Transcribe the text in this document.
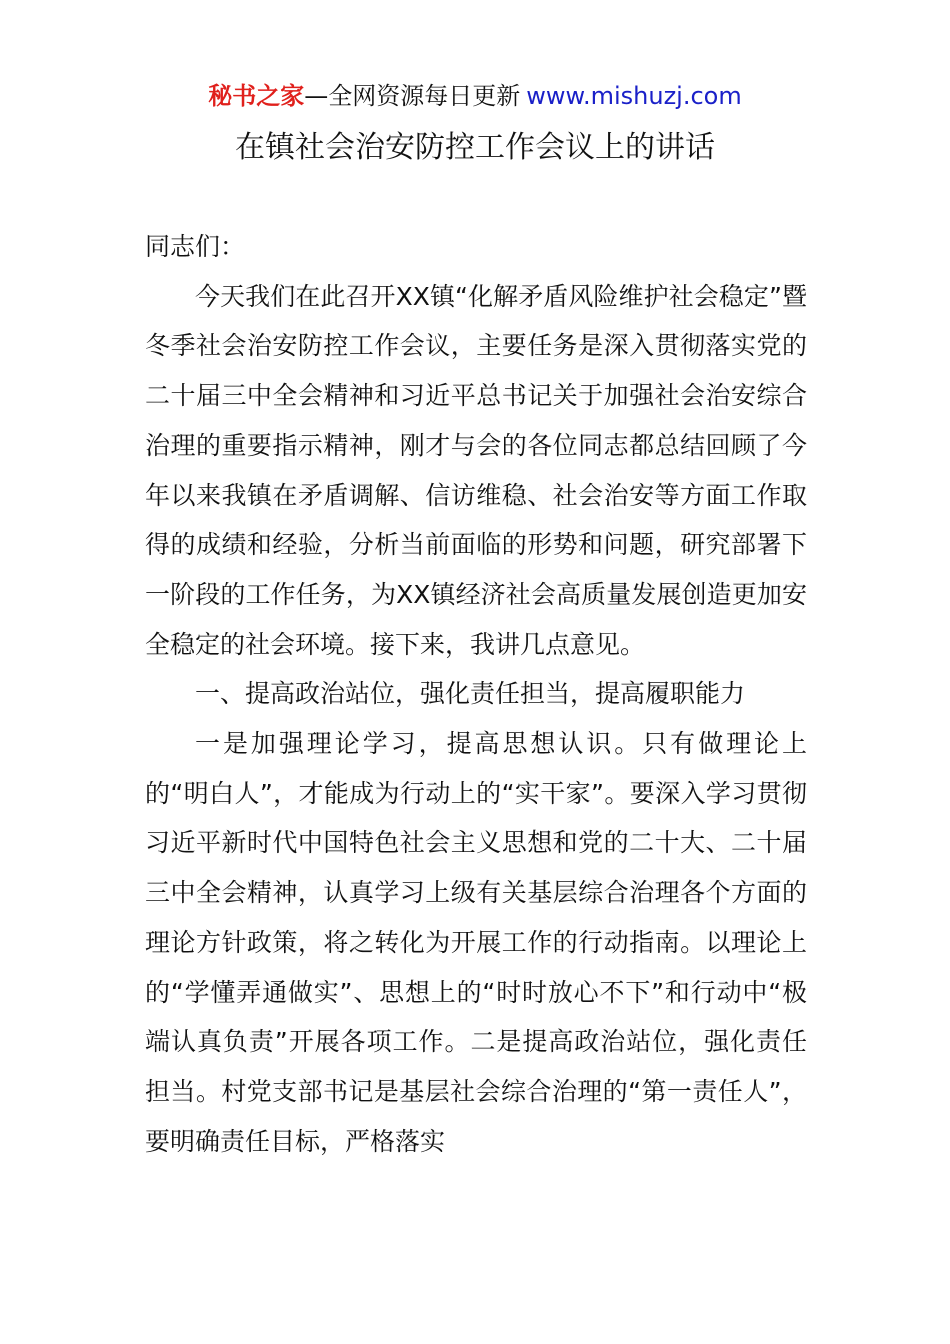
秘书之家—全网资源每日更新 www.mishuzj.com
在镇社会治安防控工作会议上的讲话

同志们：

今天我们在此召开XX镇“化解矛盾风险维护社会稳定”暨冬季社会治安防控工作会议，主要任务是深入贯彻落实党的二十届三中全会精神和习近平总书记关于加强社会治安综合治理的重要指示精神，刚才与会的各位同志都总结回顾了今年以来我镇在矛盾调解、信访维稳、社会治安等方面工作取得的成绩和经验，分析当前面临的形势和问题，研究部署下一阶段的工作任务，为XX镇经济社会高质量发展创造更加安全稳定的社会环境。接下来，我讲几点意见。

一、提高政治站位，强化责任担当，提高履职能力

一是加强理论学习，提高思想认识。只有做理论上的“明白人”，才能成为行动上的“实干家”。要深入学习贯彻习近平新时代中国特色社会主义思想和党的二十大、二十届三中全会精神，认真学习上级有关基层综合治理各个方面的理论方针政策，将之转化为开展工作的行动指南。以理论上的“学懂弄通做实”、思想上的“时时放心不下”和行动中“极端认真负责”开展各项工作。二是提高政治站位，强化责任担当。村党支部书记是基层社会综合治理的“第一责任人”，要明确责任目标，严格落实
